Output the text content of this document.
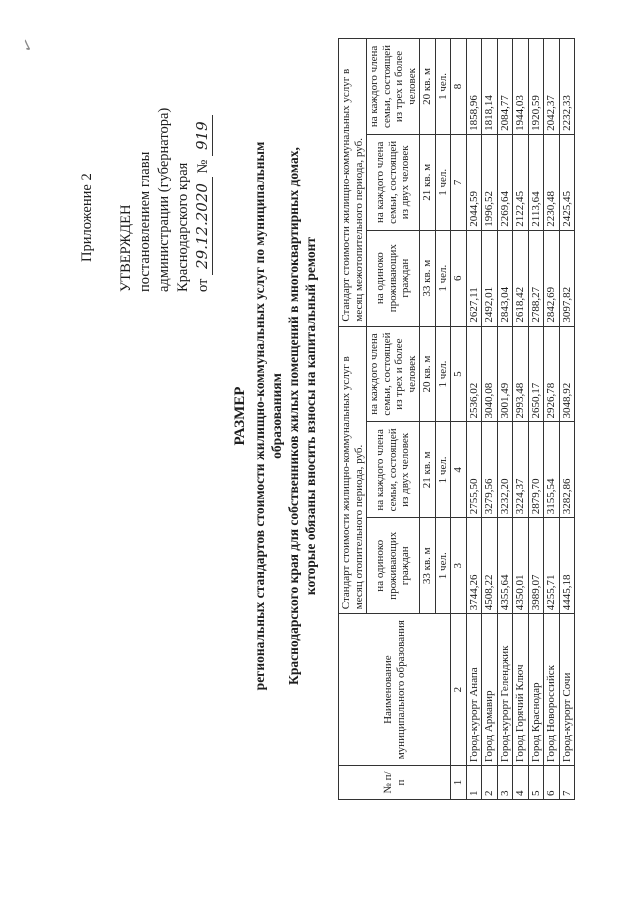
✓
Приложение 2 УТВЕРЖДЕН постановлением главы администрации (губернатора) Краснодарского края от 29.12.2020 № 919
РАЗМЕР региональных стандартов стоимости жилищно-коммунальных услуг по муниципальным образованиям Краснодарского края для собственников жилых помещений в многоквартирных домах, которые обязаны вносить взносы на капитальный ремонт
№ п/п	Наименование муниципального образования	Стандарт стоимости жилищно-коммунальных услуг в месяц отопительного периода, руб.			Стандарт стоимости жилищно-коммунальных услуг в месяц межотопительного периода, руб.		
		на одиноко проживающих граждан	на каждого члена семьи, состоящей из двух человек	на каждого члена семьи, состоящей из трех и более человек	на одиноко проживающих граждан	на каждого члена семьи, состоящей из двух человек	на каждого члена семьи, состоящей из трех и более человек
		33 кв. м	21 кв. м	20 кв. м	33 кв. м	21 кв. м	20 кв. м
		1 чел.	1 чел.	1 чел.	1 чел.	1 чел.	1 чел.
1	2	3	4	5	6	7	8
1	Город-курорт Анапа	3744,26	2755,50	2536,02	2627,11	2044,59	1858,96
2	Город Армавир	4508,22	3279,56	3040,08	2492,01	1996,52	1818,14
3	Город-курорт Геленджик	4355,64	3232,20	3001,49	2843,04	2269,64	2084,77
4	Город Горячий Ключ	4350,01	3224,37	2993,48	2618,42	2122,45	1944,03
5	Город Краснодар	3989,07	2879,70	2650,17	2788,27	2113,64	1920,59
6	Город Новороссийск	4255,71	3155,54	2926,78	2842,69	2230,48	2042,37
7	Город-курорт Сочи	4445,18	3282,86	3048,92	3097,82	2425,45	2232,33
